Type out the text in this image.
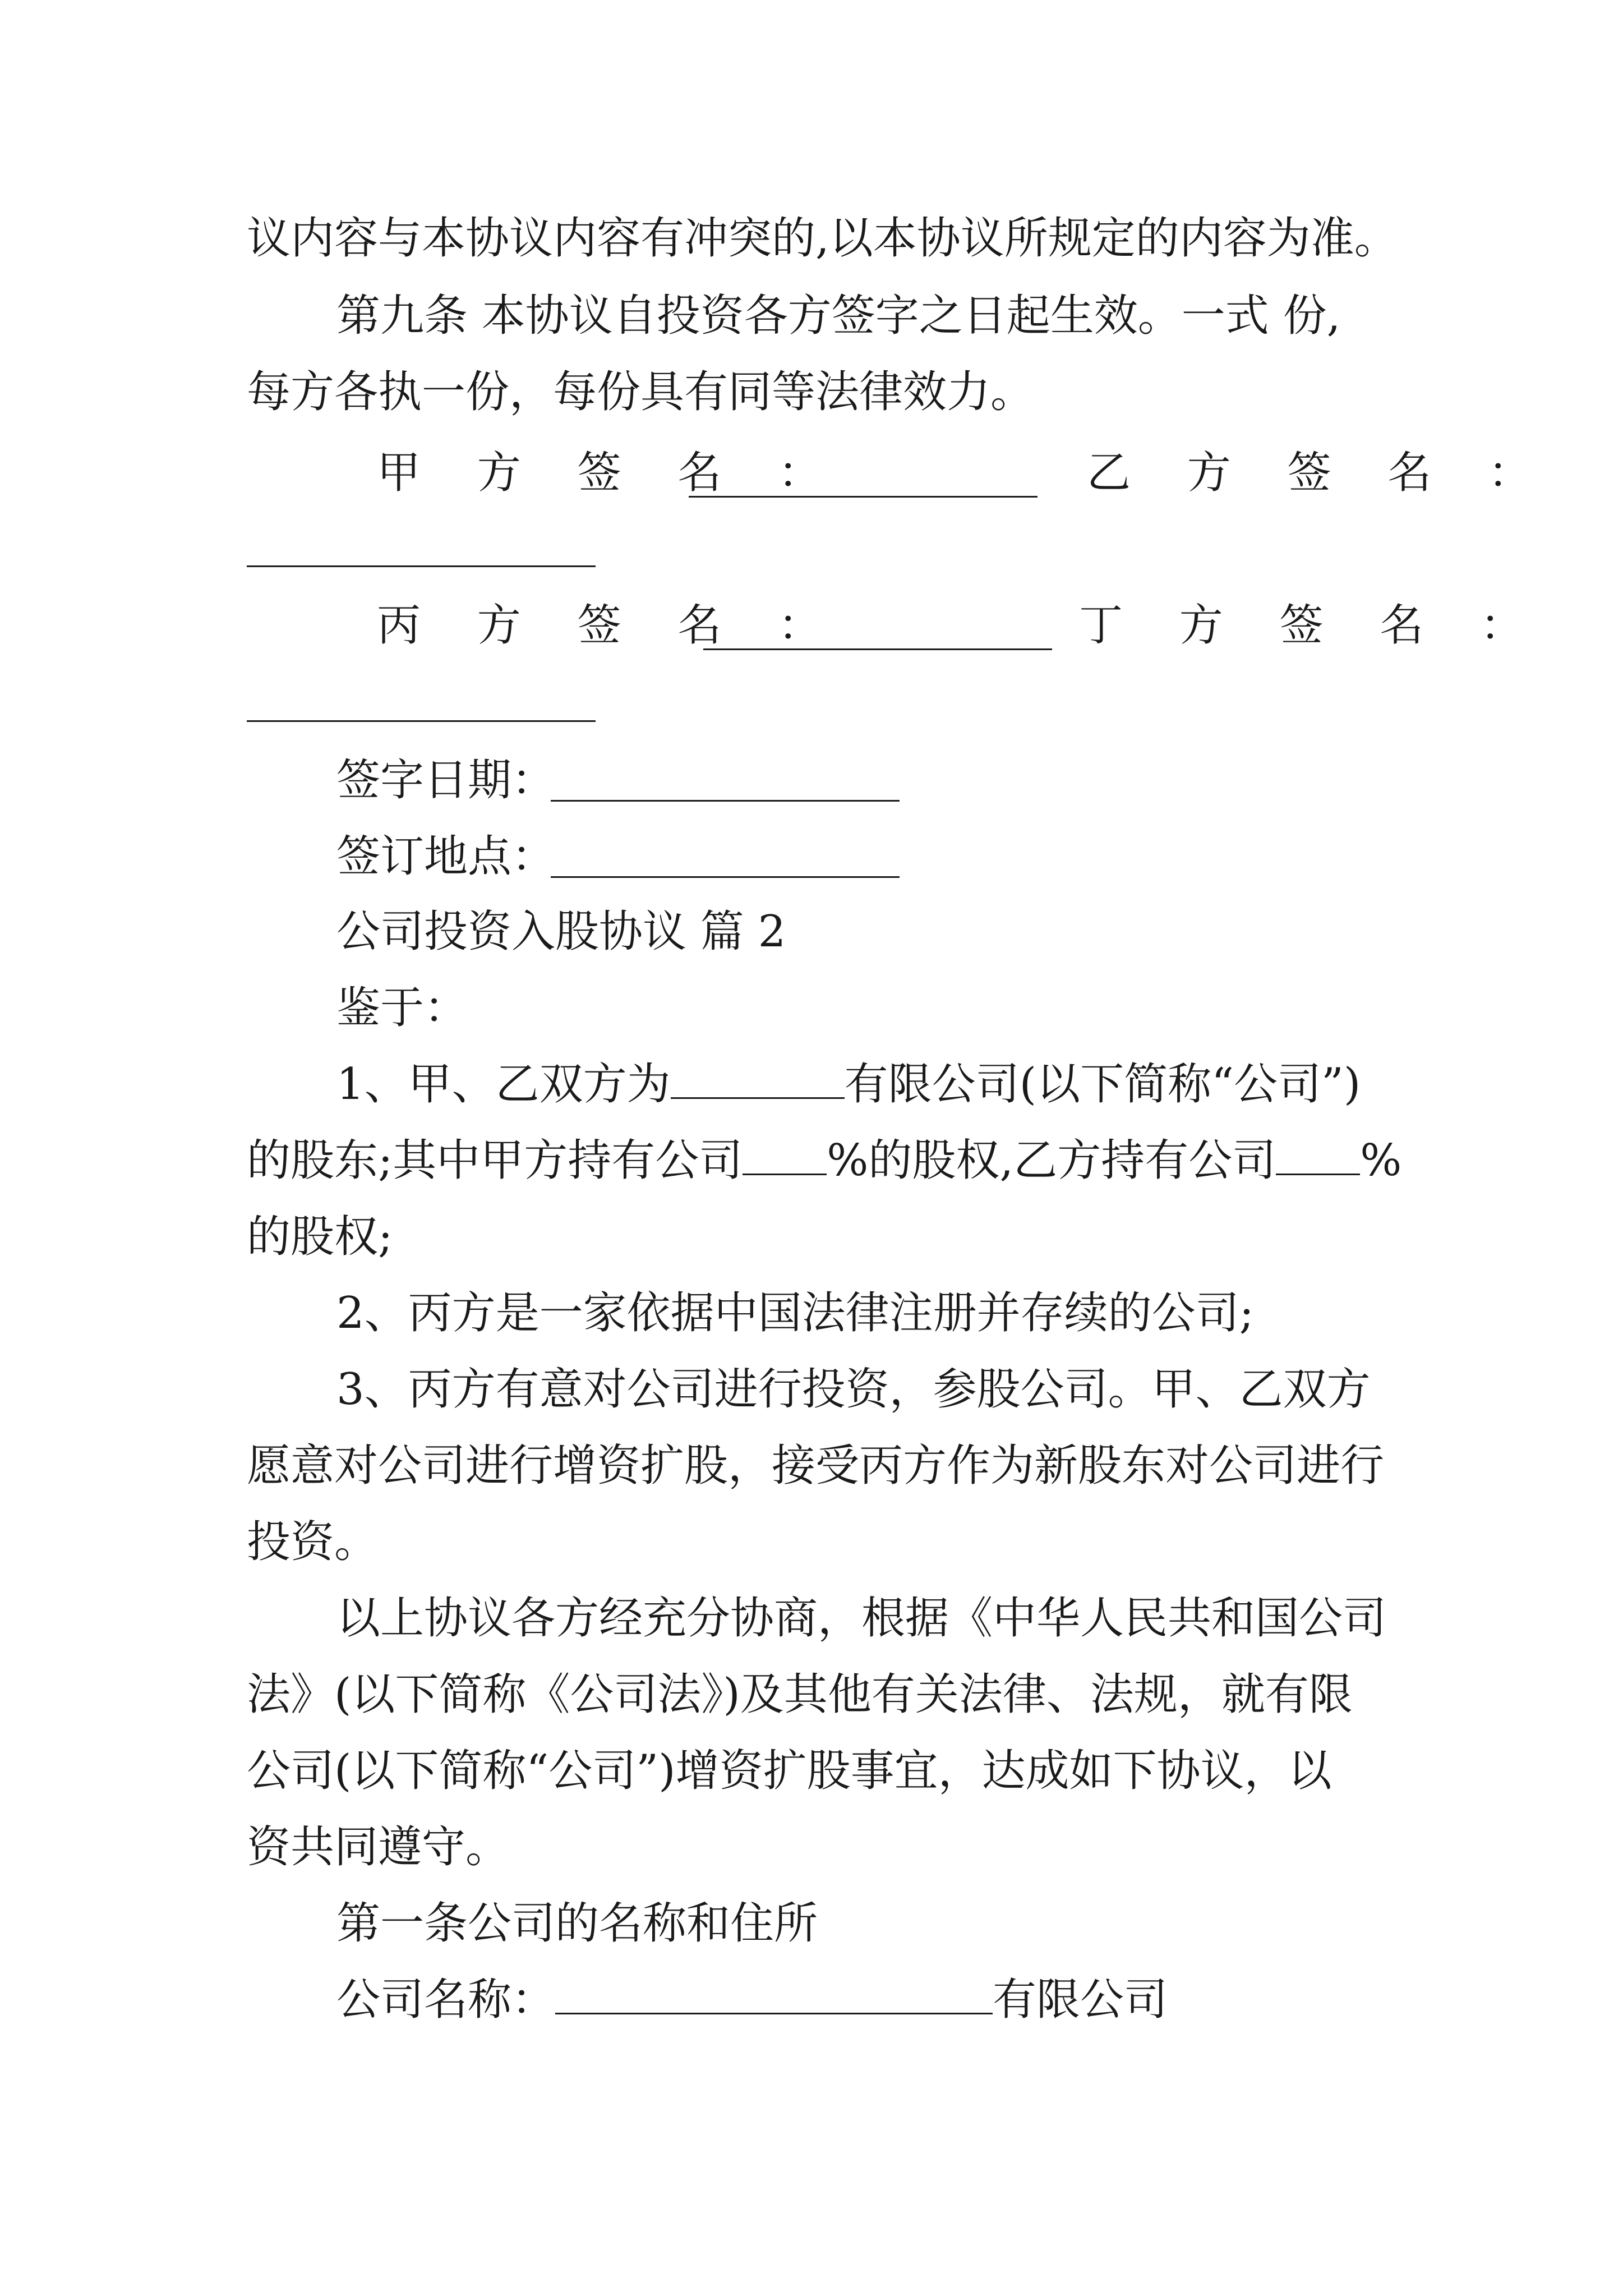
议内容与本协议内容有冲突的,以本协议所规定的内容为准。
第九条 本协议自投资各方签字之日起生效。一式 份,
每方各执一份，每份具有同等法律效力。
甲 方 签 名 ：	乙 方 签 名 ：
丙 方 签 名 ：	丁 方 签 名 ：
签字日期：
签订地点：
公司投资入股协议 篇 2
鉴于：
1、甲、乙双方为	有限公司(以下简称“公司”)
的股东;其中甲方持有公司 %的股权,乙方持有公司 %
的股权;
2、丙方是一家依据中国法律注册并存续的公司;
3、丙方有意对公司进行投资，参股公司。甲、乙双方
愿意对公司进行增资扩股，接受丙方作为新股东对公司进行
投资。
以上协议各方经充分协商，根据《中华人民共和国公司
法》(以下简称《公司法》)及其他有关法律、法规，就有限
公司(以下简称“公司”)增资扩股事宜，达成如下协议，以
资共同遵守。
第一条公司的名称和住所
公司名称：	有限公司
